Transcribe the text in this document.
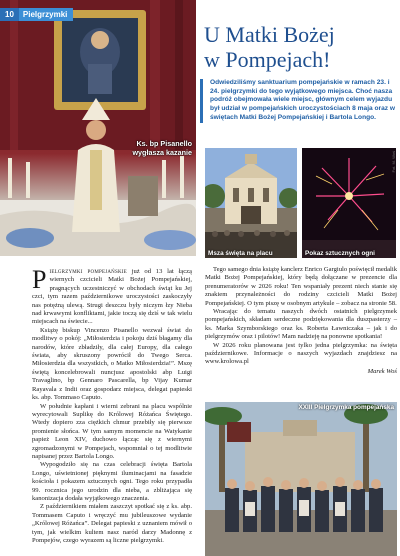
10	Pielgrzymki
Ks. bp Pisanello
wygłasza kazanie
U Matki Bożej
w Pompejach!
Odwiedziliśmy sanktuarium pompejańskie w ramach 23. i 24. pielgrzymki do tego wyjątkowego miejsca. Choć nasza podróż obejmowała wiele miejsc, głównym celem wyjazdu był udział w pompejańskich uroczystościach 8 maja oraz w świętach Matki Bożej Pompejańskiej i Bartola Longo.
Msza święta na placu	Pokaz sztucznych ogni
Fot. M. Woś

Pielgrzymki pompejańskie już od 13 lat łączą wiernych czcicieli Matki Bożej Pompejańskiej, pragnących uczestniczyć w obchodach świąt ku Jej czci, tym razem październikowe uroczystości zaskoczyły nas potężną ulewą. Strugi deszczu były niczym łzy Nieba nad krwawymi konfliktami, jakie toczą się dziś w tak wielu miejscach na świecie...

Książę biskup Vincenzo Pisanello wezwał świat do modlitwy o pokój: „Miłosierdzia i pokoju dziś błagamy dla narodów, które zbładziły, dla całej Europy, dla całego świata, aby skruszony powrócił do Twego Serca. Miłosierdzia dla wszystkich, o Matko Miłosierdzia!”. Mszę świętą koncelebrowali nuncjusz apostolski abp Luigi Travaglino, bp Gennaro Pascarella, bp Vijay Kumar Rayavala z Indii oraz gospodarz miejsca, delegat papieski ks. abp. Tommaso Caputo.

W południe kapłani i wierni zebrani na placu wspólnie wyrecytowali Suplikę do Królowej Różańca Świętego. Wtedy dopiero zza ciężkich chmur przebiły się pierwsze promienie słońca. W tym samym momencie na Watykanie papież Leon XIV, duchowo łącząc się z wiernymi zgromadzonymi w Pompejach, wspomniał o tej modlitwie napisanej przez Bartola Longo.

Wypogodziło się na czas celebracji święta Bartola Longo, uświetnionej pięknymi iluminacjami na fasadzie kościoła i pokazem sztucznych ogni. Tego roku przypadła 99. rocznica jego urodzin dla nieba, a zbliżająca się kanonizacja dodała wyjątkowego znaczenia.

Z październikiem miałem zaszczyt spotkać się z ks. abp. Tommasem Caputo i wręczyć mu jubileuszowe wydanie „Królowej Różańca”. Delegat papieski z uznaniem mówił o tym, jak wielkim kultem nasz naród darzy Madonnę z Pompejów, czego wyrazem są liczne pielgrzymki.

Tego samego dnia książę kanclerz Enrico Gargiulo poświęcił medalik Matki Bożej Pompejańskiej, który będą dołączane w prezencie dla prenumeratorów w 2026 roku! Ten wspaniały prezent niech stanie się znakiem przynależności do rodziny czcicieli Matki Bożej Pompejańskiej. O tym piszę w osobnym artykule – zobacz na stronie 58.

Wracając do tematu naszych dwóch ostatnich pielgrzymek pompejańskich, składam serdeczne podziękowania dla duszpasterzy – ks. Marka Szymborskiego oraz ks. Roberta Ławniczaka – jak i do pielgrzymów oraz i pilotów! Mam nadzieję na ponowne spotkania!

W 2026 roku planowana jest tylko jedna pielgrzymka: na święta październikowe. Informacje o naszych wyjazdach znajdziesz na www.krolowa.pl

Marek Woś
XXIII Pielgrzymka pompejańska
